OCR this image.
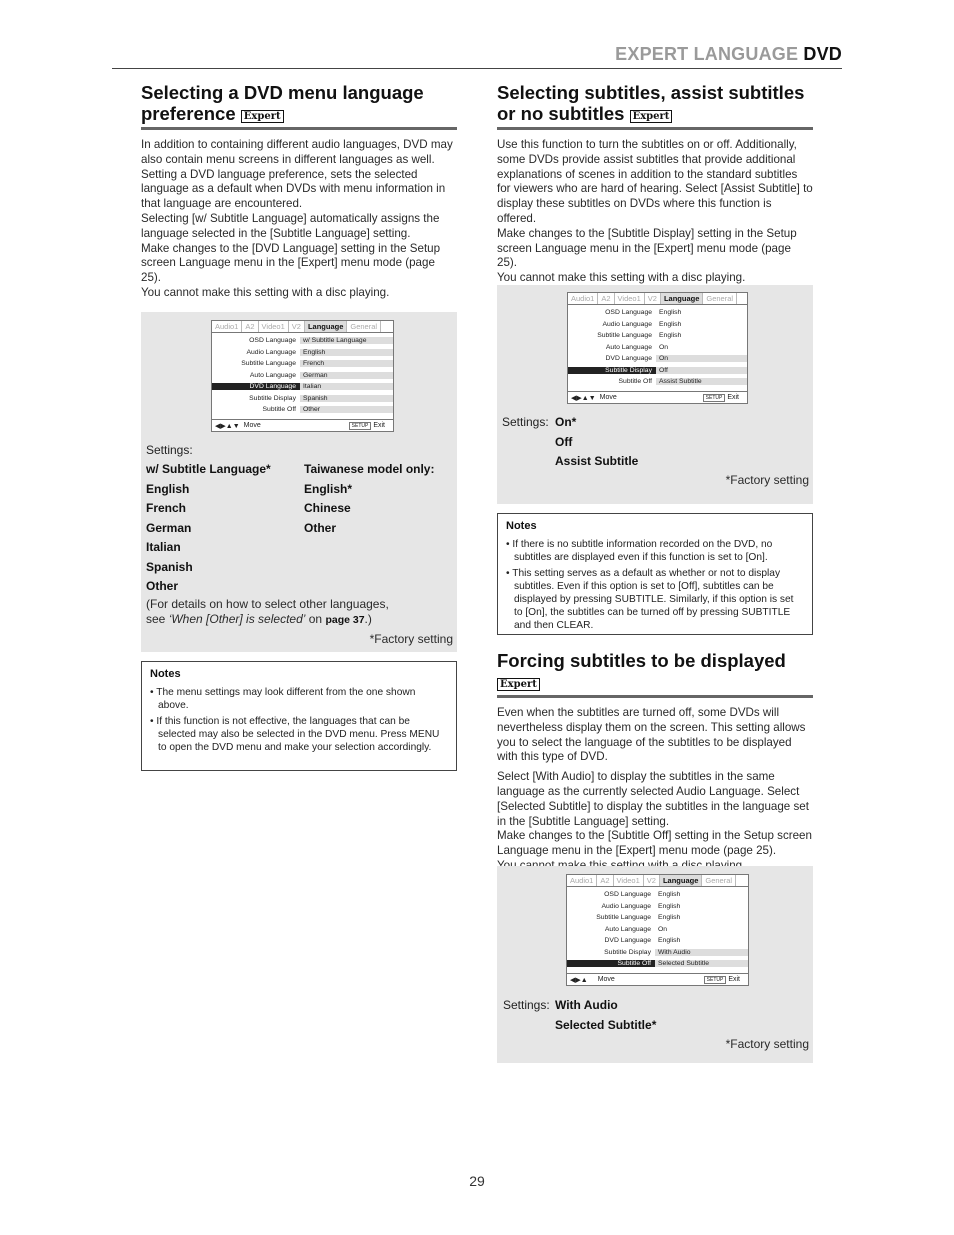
EXPERT LANGUAGE DVD
Selecting a DVD menu language preference Expert

In addition to containing different audio languages, DVD may also contain menu screens in different languages as well. Setting a DVD language preference, sets the selected language as a default when DVDs with menu information in that language are encountered.

Selecting [w/ Subtitle Language] automatically assigns the language selected in the [Subtitle Language] setting.

Make changes to the [DVD Language] setting in the Setup screen Language menu in the [Expert] menu mode (page 25).

You cannot make this setting with a disc playing.

Audio1 A2 Video1 V2 Language General
OSD Language	w/ Subtitle Language
Audio Language	English
Subtitle Language	French
Auto Language	German
DVD Language	Italian
Subtitle Display	Spanish
Subtitle Off	Other
◀▶▲▼ Move	SETUP Exit
Settings:
w/ Subtitle Language*
English
French
German
Italian
Spanish
Other
Taiwanese model only:
English*
Chinese
Other
(For details on how to select other languages,
see ‘When [Other] is selected’ on page 37.)
*Factory setting
Notes
• The menu settings may look different from the one shown above.
• If this function is not effective, the languages that can be selected may also be selected in the DVD menu. Press MENU to open the DVD menu and make your selection accordingly.
Selecting subtitles, assist subtitles or no subtitles Expert

Use this function to turn the subtitles on or off. Additionally, some DVDs provide assist subtitles that provide additional explanations of scenes in addition to the standard subtitles for viewers who are hard of hearing. Select [Assist Subtitle] to display these subtitles on DVDs where this function is offered.

Make changes to the [Subtitle Display] setting in the Setup screen Language menu in the [Expert] menu mode (page 25).

You cannot make this setting with a disc playing.

Audio1 A2 Video1 V2 Language General
OSD Language	English
Audio Language	English
Subtitle Language	English
Auto Language	On
DVD Language	On
Subtitle Display	Off
Subtitle Off	Assist Subtitle
◀▶▲▼ Move	SETUP Exit
Settings: On*
Off
Assist Subtitle
*Factory setting
Notes
• If there is no subtitle information recorded on the DVD, no subtitles are displayed even if this function is set to [On].
• This setting serves as a default as whether or not to display subtitles. Even if this option is set to [Off], subtitles can be displayed by pressing SUBTITLE. Similarly, if this option is set to [On], the subtitles can be turned off by pressing SUBTITLE and then CLEAR.
Forcing subtitles to be displayed Expert

Even when the subtitles are turned off, some DVDs will nevertheless display them on the screen. This setting allows you to select the language of the subtitles to be displayed with this type of DVD.

Select [With Audio] to display the subtitles in the same language as the currently selected Audio Language. Select [Selected Subtitle] to display the subtitles in the language set in the [Subtitle Language] setting.

Make changes to the [Subtitle Off] setting in the Setup screen Language menu in the [Expert] menu mode (page 25).

Audio1 A2 Video1 V2 Language General
OSD Language	English
Audio Language	English
Subtitle Language	English
Auto Language	On
DVD Language	English
Subtitle Display	With Audio
Subtitle Off	Selected Subtitle
◀▶▲ Move	SETUP Exit
Settings: With Audio
Selected Subtitle*
*Factory setting
29
